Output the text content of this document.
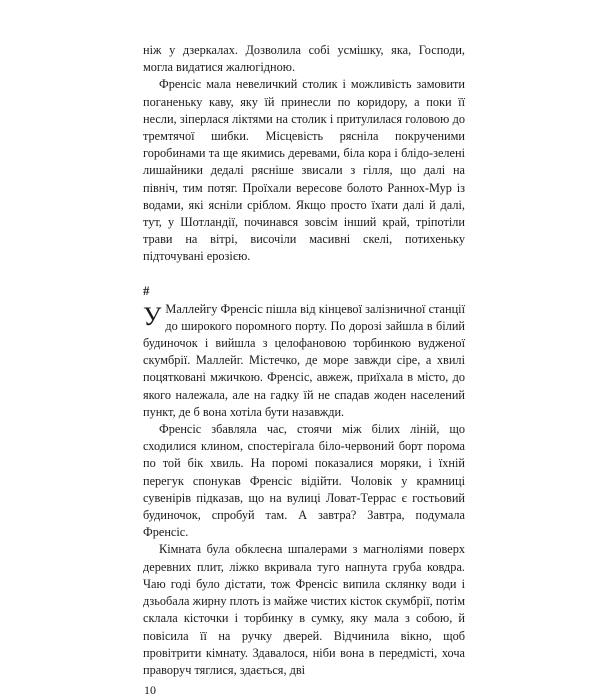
ніж у дзеркалах. Дозволила собі усмішку, яка, Господи, могла видатися жалюгідною.

Френсіс мала невеличкий столик і можливість замовити поганеньку каву, яку їй принесли по коридору, а поки її несли, зіперлася ліктями на столик і притулилася головою до тремтячої шибки. Місцевість рясніла покрученими горобинами та ще якимись деревами, біла кора і блідо-зелені лишайники дедалі рясніше звисали з гілля, що далі на північ, тим потяг. Проїхали вересове болото Раннох-Мур із водами, які ясніли сріблом. Якщо просто їхати далі й далі, тут, у Шотландії, починався зовсім інший край, тріпотіли трави на вітрі, височіли масивні скелі, потихеньку підточувані ерозією.

#

У Маллейгу Френсіс пішла від кінцевої залізничної станції до широкого поромного порту. По дорозі зайшла в білий будиночок і вийшла з целофановою торбинкою вудженої скумбрії. Маллейг. Містечко, де море завжди сіре, а хвилі поцятковані мжичкою. Френсіс, авжеж, приїхала в місто, до якого належала, але на гадку їй не спадав жоден населений пункт, де б вона хотіла бути назавжди.

Френсіс збавляла час, стоячи між білих ліній, що сходилися клином, спостерігала біло-червоний борт порома по той бік хвиль. На поромі показалися моряки, і їхній перегук спонукав Френсіс відійти. Чоловік у крамниці сувенірів підказав, що на вулиці Ловат-Террас є гостьовий будиночок, спробуй там. А завтра? Завтра, подумала Френсіс.

Кімната була обклеєна шпалерами з магноліями поверх деревних плит, ліжко вкривала туго напнута груба ковдра. Чаю годі було дістати, тож Френсіс випила склянку води і дзьобала жирну плоть із майже чистих кісток скумбрії, потім склала кісточки і торбинку в сумку, яку мала з собою, й повісила її на ручку дверей. Відчинила вікно, щоб провітрити кімнату. Здавалося, ніби вона в передмісті, хоча праворуч тяглися, здається, дві

10
